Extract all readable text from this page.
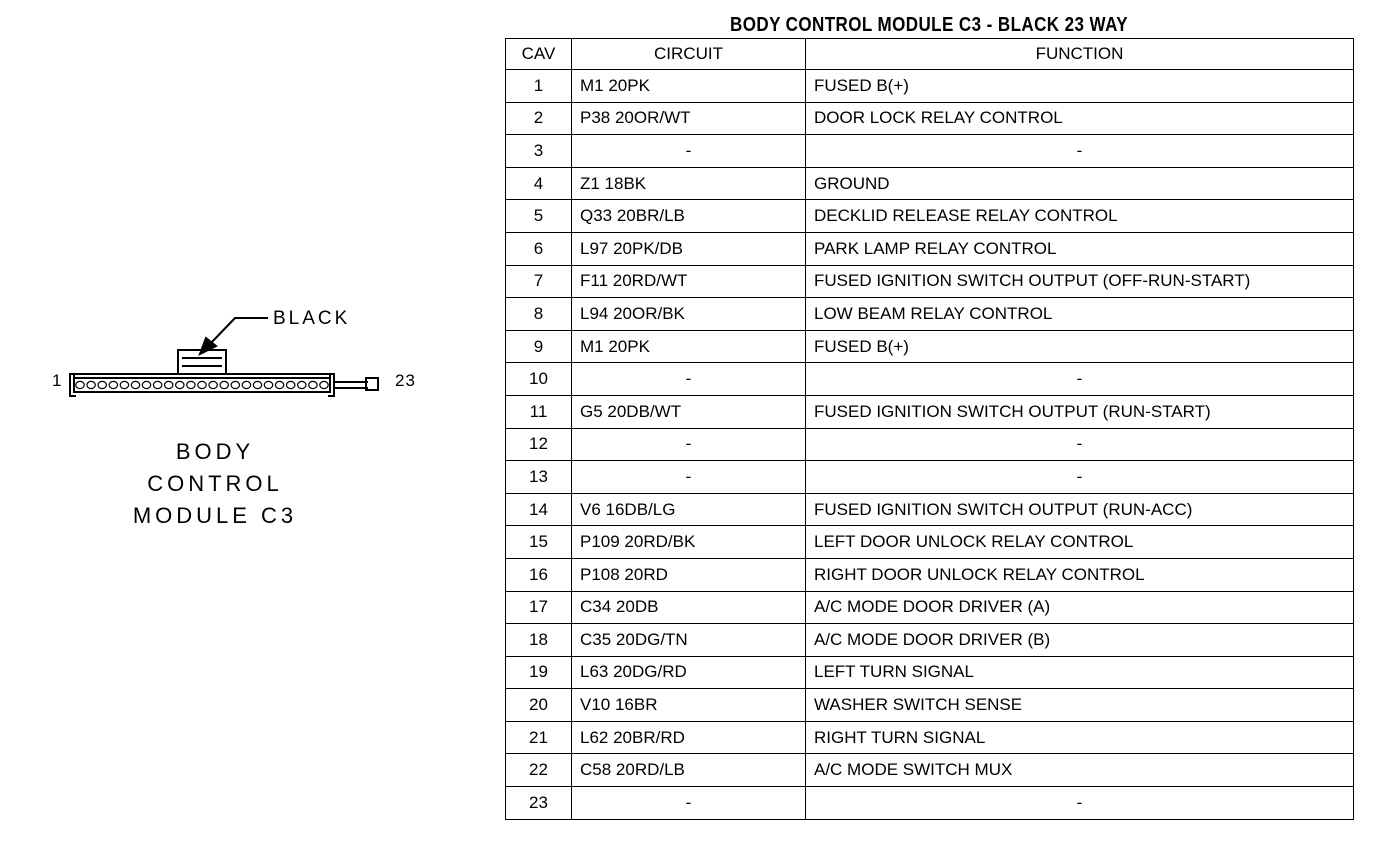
BLACK
1	23
BODY
CONTROL
MODULE C3
BODY CONTROL MODULE C3 - BLACK 23 WAY
CAV	CIRCUIT	FUNCTION
1	M1 20PK	FUSED B(+)
2	P38 20OR/WT	DOOR LOCK RELAY CONTROL
3	-	-
4	Z1 18BK	GROUND
5	Q33 20BR/LB	DECKLID RELEASE RELAY CONTROL
6	L97 20PK/DB	PARK LAMP RELAY CONTROL
7	F11 20RD/WT	FUSED IGNITION SWITCH OUTPUT (OFF-RUN-START)
8	L94 20OR/BK	LOW BEAM RELAY CONTROL
9	M1 20PK	FUSED B(+)
10	-	-
11	G5 20DB/WT	FUSED IGNITION SWITCH OUTPUT (RUN-START)
12	-	-
13	-	-
14	V6 16DB/LG	FUSED IGNITION SWITCH OUTPUT (RUN-ACC)
15	P109 20RD/BK	LEFT DOOR UNLOCK RELAY CONTROL
16	P108 20RD	RIGHT DOOR UNLOCK RELAY CONTROL
17	C34 20DB	A/C MODE DOOR DRIVER (A)
18	C35 20DG/TN	A/C MODE DOOR DRIVER (B)
19	L63 20DG/RD	LEFT TURN SIGNAL
20	V10 16BR	WASHER SWITCH SENSE
21	L62 20BR/RD	RIGHT TURN SIGNAL
22	C58 20RD/LB	A/C MODE SWITCH MUX
23	-	-
